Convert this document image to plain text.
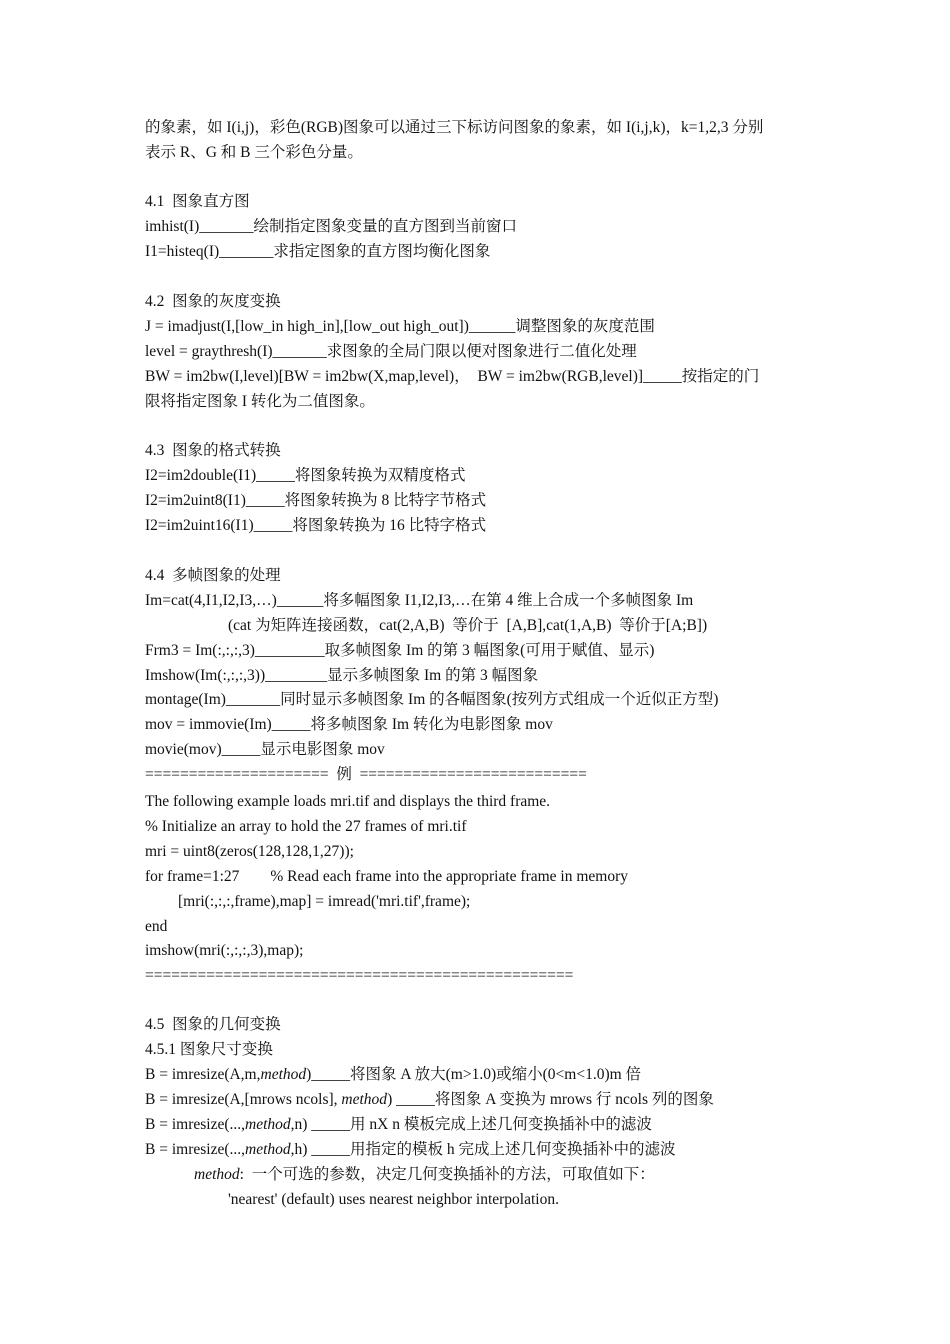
的象素，如 I(i,j)，彩色(RGB)图象可以通过三下标访问图象的象素，如 I(i,j,k)，k=1,2,3 分别
表示 R、G 和 B 三个彩色分量。
4.1  图象直方图
imhist(I)_______绘制指定图象变量的直方图到当前窗口
I1=histeq(I)_______求指定图象的直方图均衡化图象
4.2  图象的灰度变换
J = imadjust(I,[low_in high_in],[low_out high_out])______调整图象的灰度范围
level = graythresh(I)_______求图象的全局门限以便对图象进行二值化处理
BW = im2bw(I,level)[BW = im2bw(X,map,level)，  BW = im2bw(RGB,level)]_____按指定的门
限将指定图象 I 转化为二值图象。
4.3  图象的格式转换
I2=im2double(I1)_____将图象转换为双精度格式
I2=im2uint8(I1)_____将图象转换为 8 比特字节格式
I2=im2uint16(I1)_____将图象转换为 16 比特字格式
4.4  多帧图象的处理
Im=cat(4,I1,I2,I3,…)______将多幅图象 I1,I2,I3,…在第 4 维上合成一个多帧图象 Im
(cat 为矩阵连接函数，cat(2,A,B)  等价于  [A,B],cat(1,A,B)  等价于[A;B])
Frm3 = Im(:,:,:,3)_________取多帧图象 Im 的第 3 幅图象(可用于赋值、显示)
Imshow(Im(:,:,:,3))________显示多帧图象 Im 的第 3 幅图象
montage(Im)_______同时显示多帧图象 Im 的各幅图象(按列方式组成一个近似正方型)
mov = immovie(Im)_____将多帧图象 Im 转化为电影图象 mov
movie(mov)_____显示电影图象 mov
=====================  例  ==========================
The following example loads mri.tif and displays the third frame.
% Initialize an array to hold the 27 frames of mri.tif
mri = uint8(zeros(128,128,1,27));
for frame=1:27        % Read each frame into the appropriate frame in memory
[mri(:,:,:,frame),map] = imread('mri.tif',frame);
end
imshow(mri(:,:,:,3),map);
=================================================
4.5  图象的几何变换
4.5.1 图象尺寸变换
B = imresize(A,m,method)_____将图象 A 放大(m>1.0)或缩小(0<m<1.0)m 倍
B = imresize(A,[mrows ncols], method) _____将图象 A 变换为 mrows 行 ncols 列的图象
B = imresize(...,method,n) _____用 nX n 模板完成上述几何变换插补中的滤波
B = imresize(...,method,h) _____用指定的模板 h 完成上述几何变换插补中的滤波
method:  一个可选的参数，决定几何变换插补的方法，可取值如下：
'nearest' (default) uses nearest neighbor interpolation.
